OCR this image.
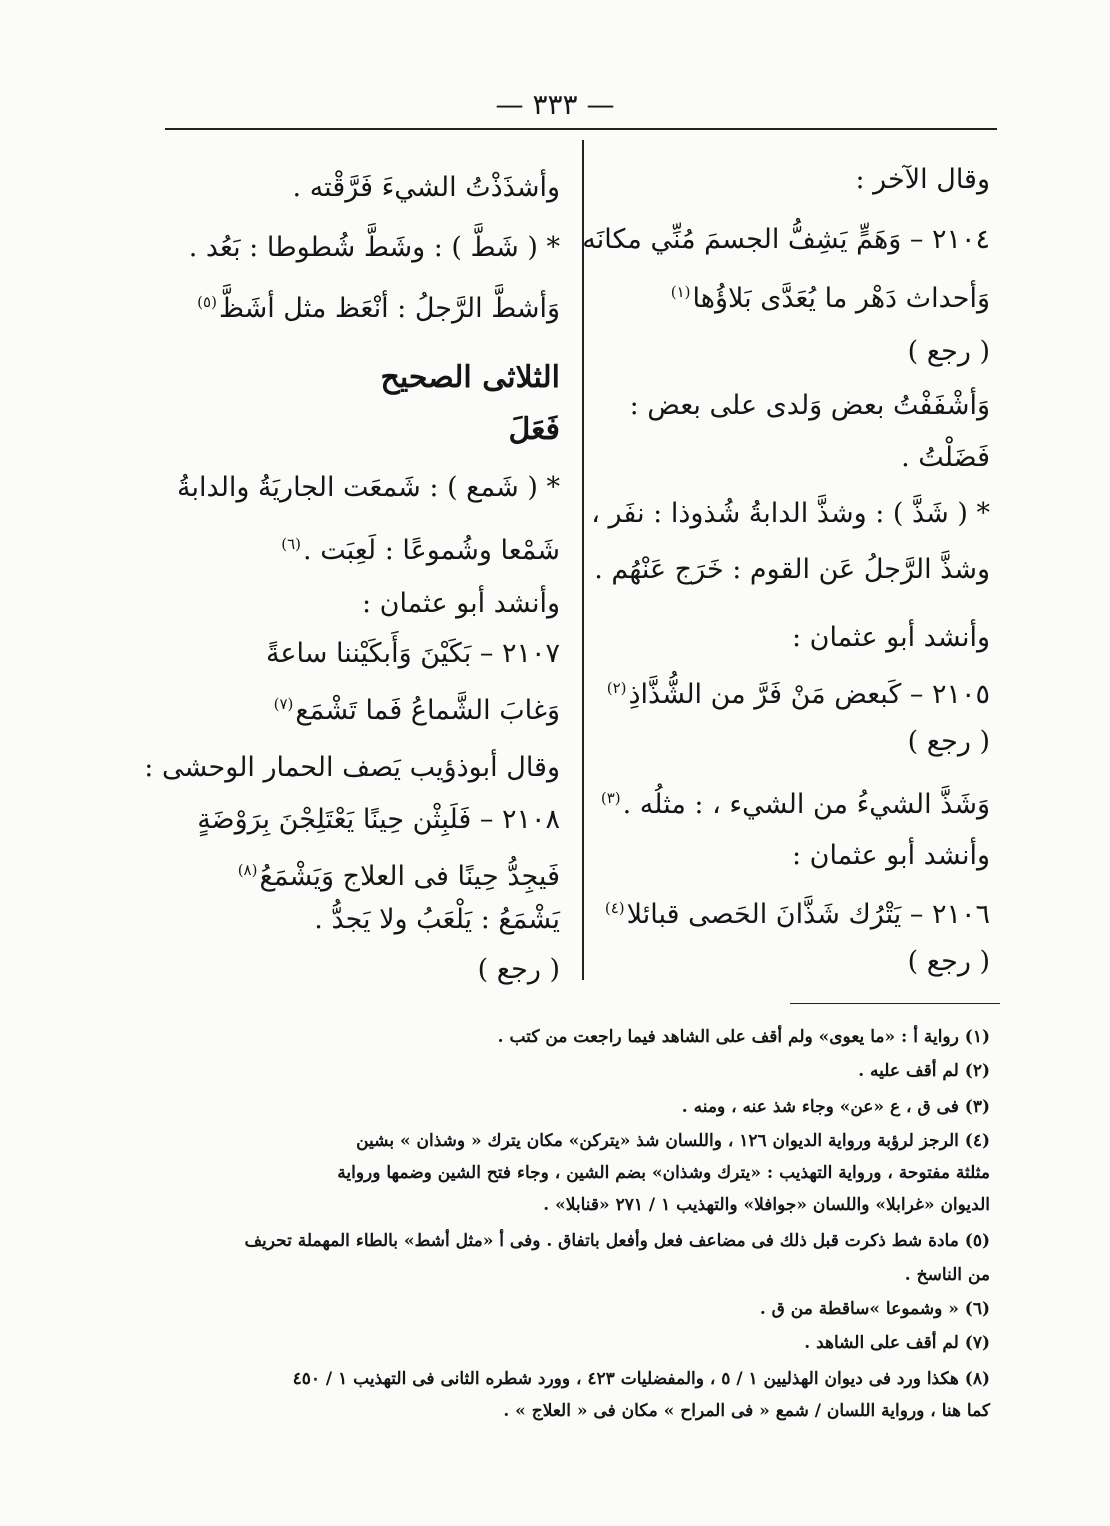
— ٣٣٣ —
وقال الآخر :
٢١٠٤ – وَهَمٍّ يَشِفُّ الجسمَ مُنِّي مكانَه
وَأحداث دَهْر ما يُعَدَّى بَلاؤُها$^{(١)}$
( رجع )
وَأشْفَفْتُ بعض وَلدى على بعض :
فَضَلْتُ .
* ( شَذَّ ) : وشذَّ الدابةُ شُذوذا : نفَر ،
وشذَّ الرَّجلُ عَن القوم : خَرَج عَنْهُم .
وأنشد أبو عثمان :
٢١٠٥ – كَبعض مَنْ فَرَّ من الشُّذَّاذِ$^{(٢)}$
( رجع )
وَشَذَّ الشيءُ من الشيء ، : مثلُه .$^{(٣)}$
وأنشد أبو عثمان :
٢١٠٦ – يَتْرُك شَذَّانَ الحَصى قبائلا$^{(٤)}$
( رجع )
وأشذَذْتُ الشيءَ فَرَّقْته .
* ( شَطَّ ) : وشَطَّ شُطوطا : بَعُد .
وَأشطَّ الرَّجلُ : أنْعَظ مثل أشَظَّ$^{(٥)}$
الثلاثى الصحيح
فَعَلَ
* ( شَمع ) : شَمعَت الجاريَةُ والدابةُ
شَمْعا وشُموعًا : لَعِبَت .$^{(٦)}$
وأنشد أبو عثمان :
٢١٠٧ – بَكَيْنَ وَأَبكَيْننا ساعةً
وَغابَ الشَّماعُ فَما تَشْمَع$^{(٧)}$
وقال أبوذؤيب يَصف الحمار الوحشى :
٢١٠٨ – فَلَبِثْن حِينًا يَعْتَلِجْنَ بِرَوْضَةٍ
فَيجِدُّ حِينًا فى العلاج وَيَشْمَعُ$^{(٨)}$
يَشْمَعُ : يَلْعَبُ ولا يَجدُّ .
( رجع )
(١) رواية أ : «ما يعوى» ولم أقف على الشاهد فيما راجعت من كتب .
(٢) لم أقف عليه .
(٣) فى ق ، ع «عن» وجاء شذ عنه ، ومنه .
(٤) الرجز لرؤبة ورواية الديوان ١٢٦ ، واللسان شذ «يتركن» مكان يترك « وشذان » بشين
مثلثة مفتوحة ، ورواية التهذيب : «يترك وشذان» بضم الشين ، وجاء فتح الشين وضمها ورواية
الديوان «غرابلا» واللسان «جوافلا» والتهذيب ١ / ٢٧١ «قنابلا» .
(٥) مادة شط ذكرت قبل ذلك فى مضاعف فعل وأفعل باتفاق . وفى أ «مثل أشط» بالطاء المهملة تحريف
من الناسخ .
(٦) « وشموعا »ساقطة من ق .
(٧) لم أقف على الشاهد .
(٨) هكذا ورد فى ديوان الهذليين ١ / ٥ ، والمفضليات ٤٢٣ ، وورد شطره الثانى فى التهذيب ١ / ٤٥٠
كما هنا ، ورواية اللسان / شمع « فى المراح » مكان فى « العلاج » .
